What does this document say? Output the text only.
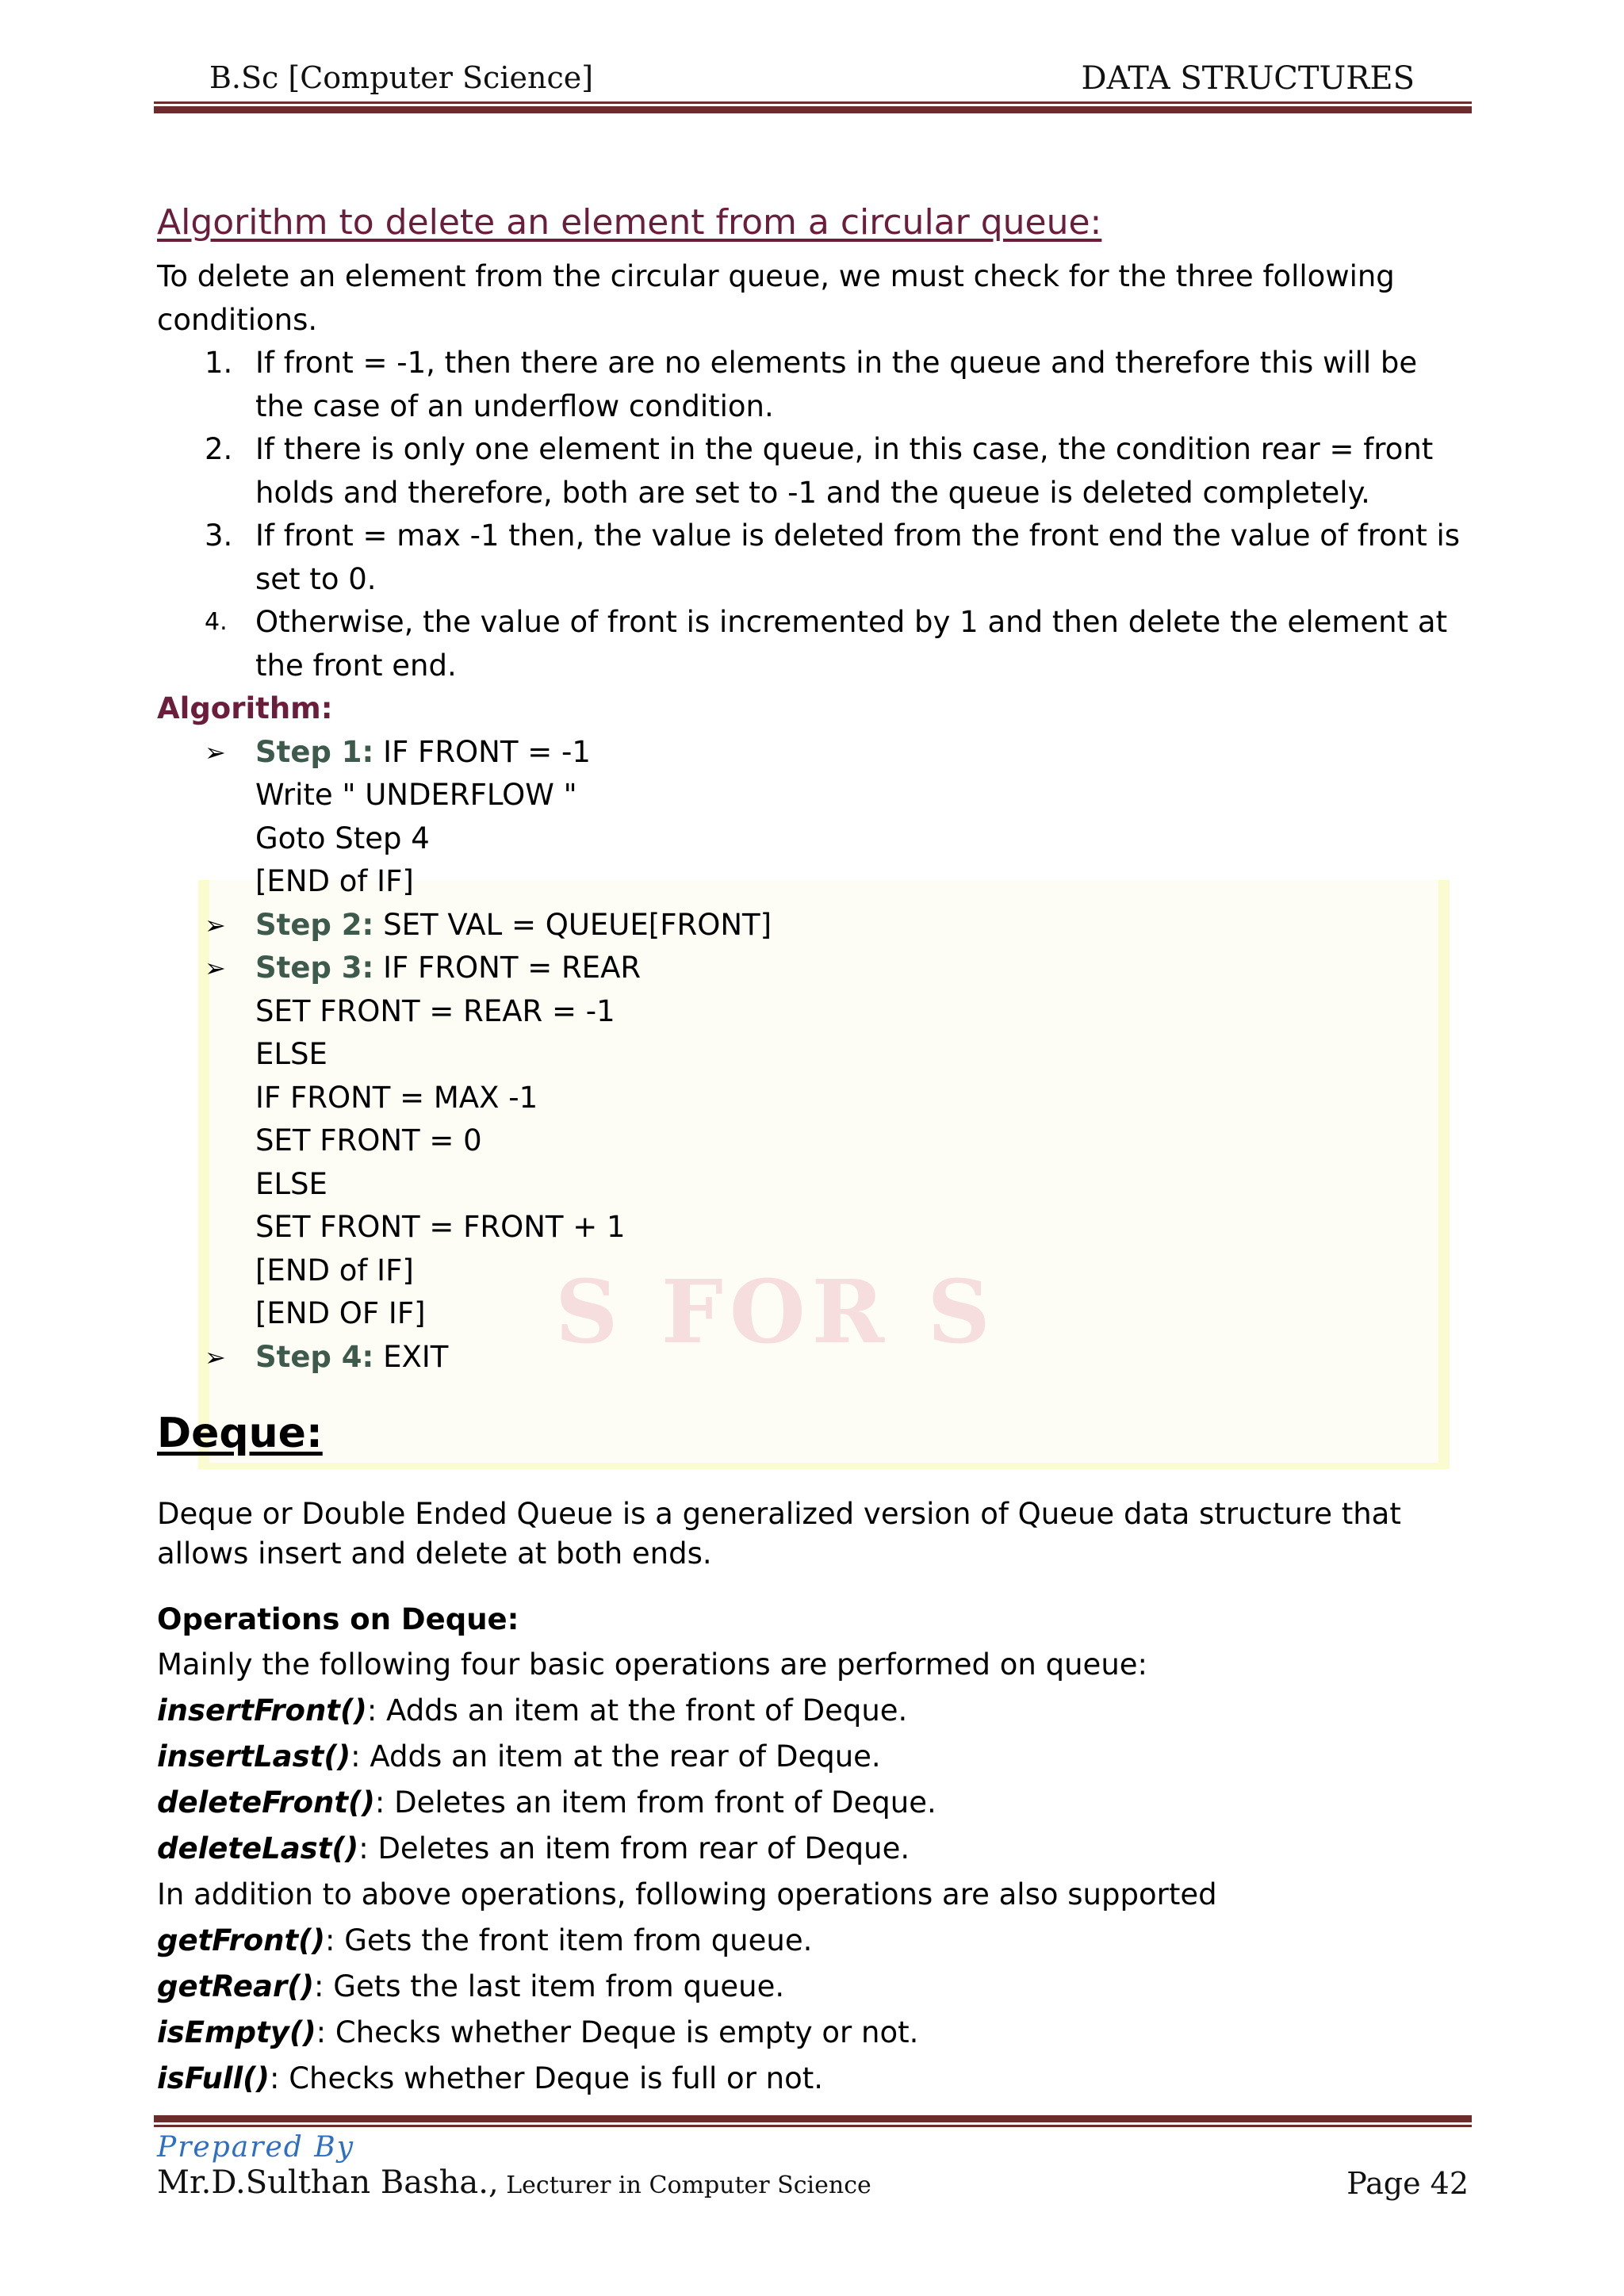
S FOR S
B.Sc [Computer Science]	DATA STRUCTURES
Algorithm to delete an element from a circular queue:

To delete an element from the circular queue, we must check for the three following conditions.

1. If front = -1, then there are no elements in the queue and therefore this will be the case of an underflow condition.
2. If there is only one element in the queue, in this case, the condition rear = front holds and therefore, both are set to -1 and the queue is deleted completely.
3. If front = max -1 then, the value is deleted from the front end the value of front is set to 0.
4. Otherwise, the value of front is incremented by 1 and then delete the element at the front end.
Algorithm:
➢ Step 1: IF FRONT = -1
Write " UNDERFLOW "
Goto Step 4
[END of IF]
➢ Step 2: SET VAL = QUEUE[FRONT]
➢ Step 3: IF FRONT = REAR
SET FRONT = REAR = -1
ELSE
IF FRONT = MAX -1
SET FRONT = 0
ELSE
SET FRONT = FRONT + 1
[END of IF]
[END OF IF]
➢ Step 4: EXIT
Deque:
Deque or Double Ended Queue is a generalized version of Queue data structure that allows insert and delete at both ends.
Operations on Deque:
Mainly the following four basic operations are performed on queue:
insertFront(): Adds an item at the front of Deque.
insertLast(): Adds an item at the rear of Deque.
deleteFront(): Deletes an item from front of Deque.
deleteLast(): Deletes an item from rear of Deque.
In addition to above operations, following operations are also supported
getFront(): Gets the front item from queue.
getRear(): Gets the last item from queue.
isEmpty(): Checks whether Deque is empty or not.
isFull(): Checks whether Deque is full or not.
Prepared By
Mr.D.Sulthan Basha., Lecturer in Computer Science	Page 42
